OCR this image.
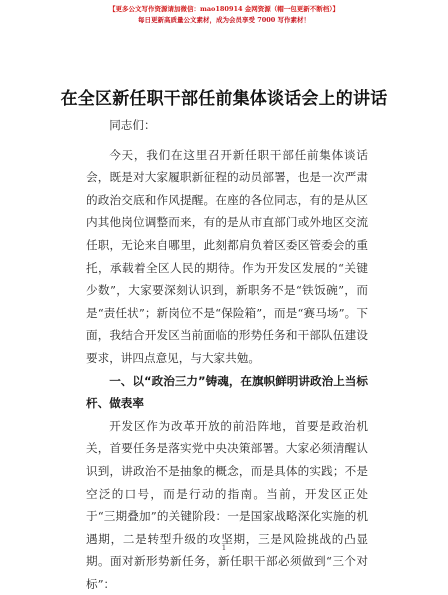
【更多公文写作资源请加微信：mao180914 金网资源（帽一包更新不断档）】
每日更新高质量公文素材，成为会员享受 7000 写作素材！
在全区新任职干部任前集体谈话会上的讲话

同志们：

今天，我们在这里召开新任职干部任前集体谈话会，既是对大家履职新征程的动员部署，也是一次严肃的政治交底和作风提醒。在座的各位同志，有的是从区内其他岗位调整而来，有的是从市直部门或外地区交流任职，无论来自哪里，此刻都肩负着区委区管委会的重托，承载着全区人民的期待。作为开发区发展的“关键少数”，大家要深刻认识到，新职务不是“铁饭碗”，而是“责任状”；新岗位不是“保险箱”，而是“赛马场”。下面，我结合开发区当前面临的形势任务和干部队伍建设要求，讲四点意见，与大家共勉。

一、以“政治三力”铸魂，在旗帜鲜明讲政治上当标杆、做表率

开发区作为改革开放的前沿阵地，首要是政治机关，首要任务是落实党中央决策部署。大家必须清醒认识到，讲政治不是抽象的概念，而是具体的实践；不是空泛的口号，而是行动的指南。当前，开发区正处于“三期叠加”的关键阶段：一是国家战略深化实施的机遇期，二是转型升级的攻坚期，三是风险挑战的凸显期。面对新形势新任务，新任职干部必须做到“三个对标”：

1
